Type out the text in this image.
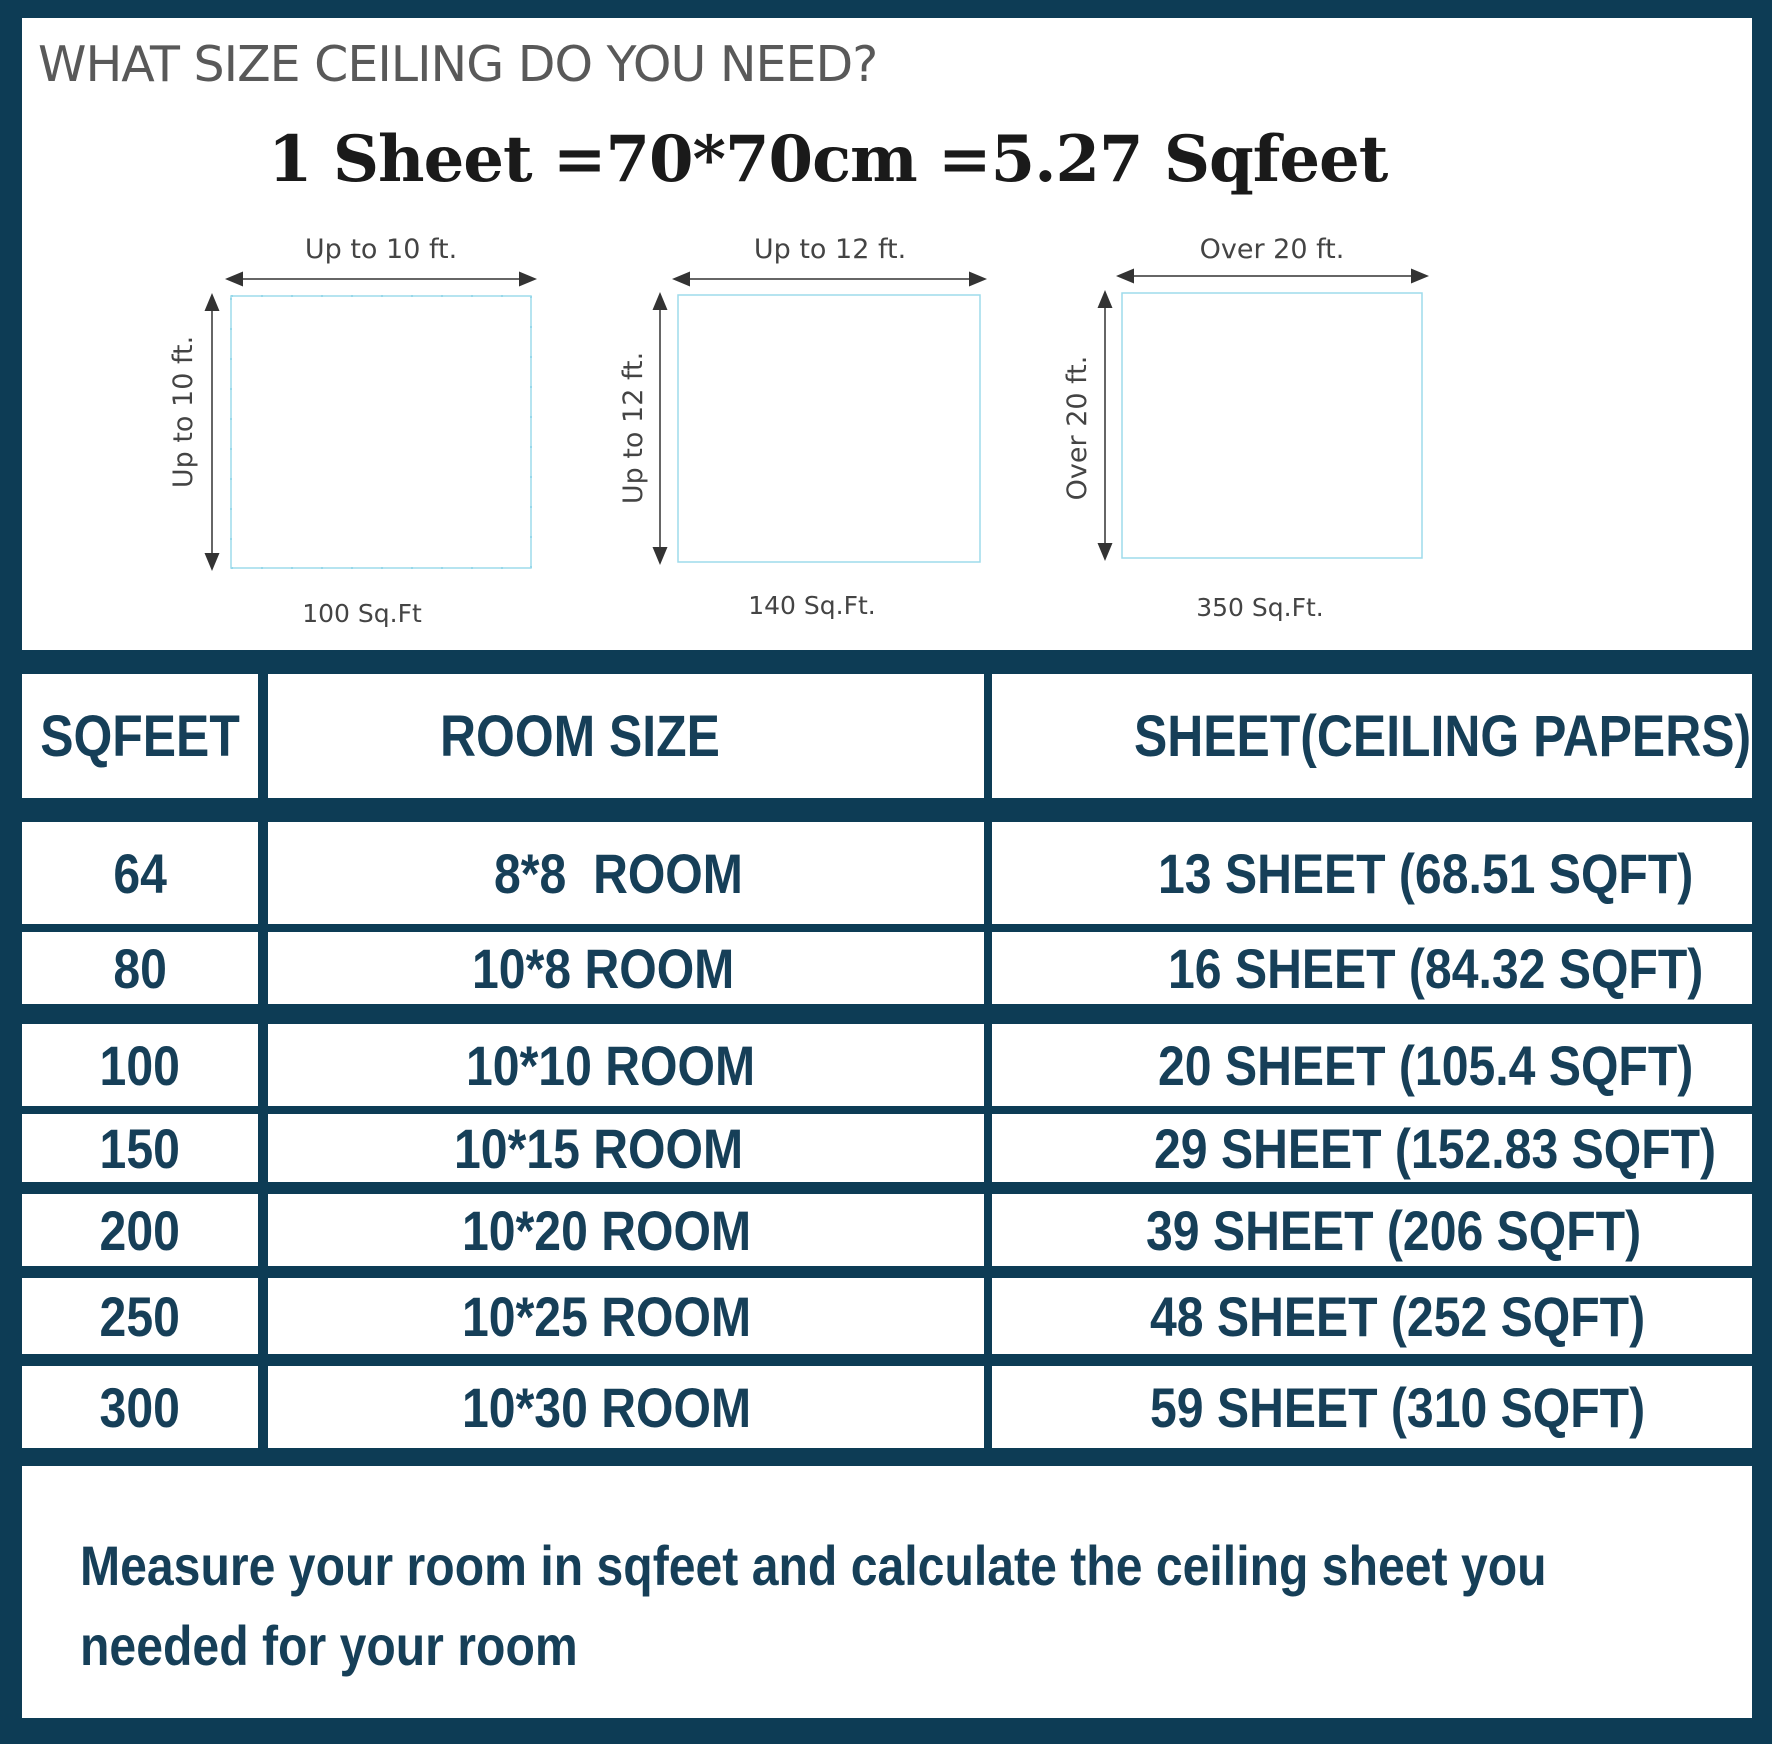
WHAT SIZE CEILING DO YOU NEED?
1 Sheet =70*70cm =5.27 Sqfeet
Up to 10 ft.
Up to 10 ft.
100 Sq.Ft
Up to 12 ft.
Up to 12 ft.
140 Sq.Ft.
Over 20 ft.
Over 20 ft.
350 Sq.Ft.
SQFEET	ROOM SIZE	SHEET(CEILING PAPERS)
64	8*8  ROOM	13 SHEET (68.51 SQFT)
80	10*8 ROOM	16 SHEET (84.32 SQFT)
100	10*10 ROOM	20 SHEET (105.4 SQFT)
150	10*15 ROOM	29 SHEET (152.83 SQFT)
200	10*20 ROOM	39 SHEET (206 SQFT)
250	10*25 ROOM	48 SHEET (252 SQFT)
300	10*30 ROOM	59 SHEET (310 SQFT)
Measure your room in sqfeet and calculate the ceiling sheet you needed for your room
